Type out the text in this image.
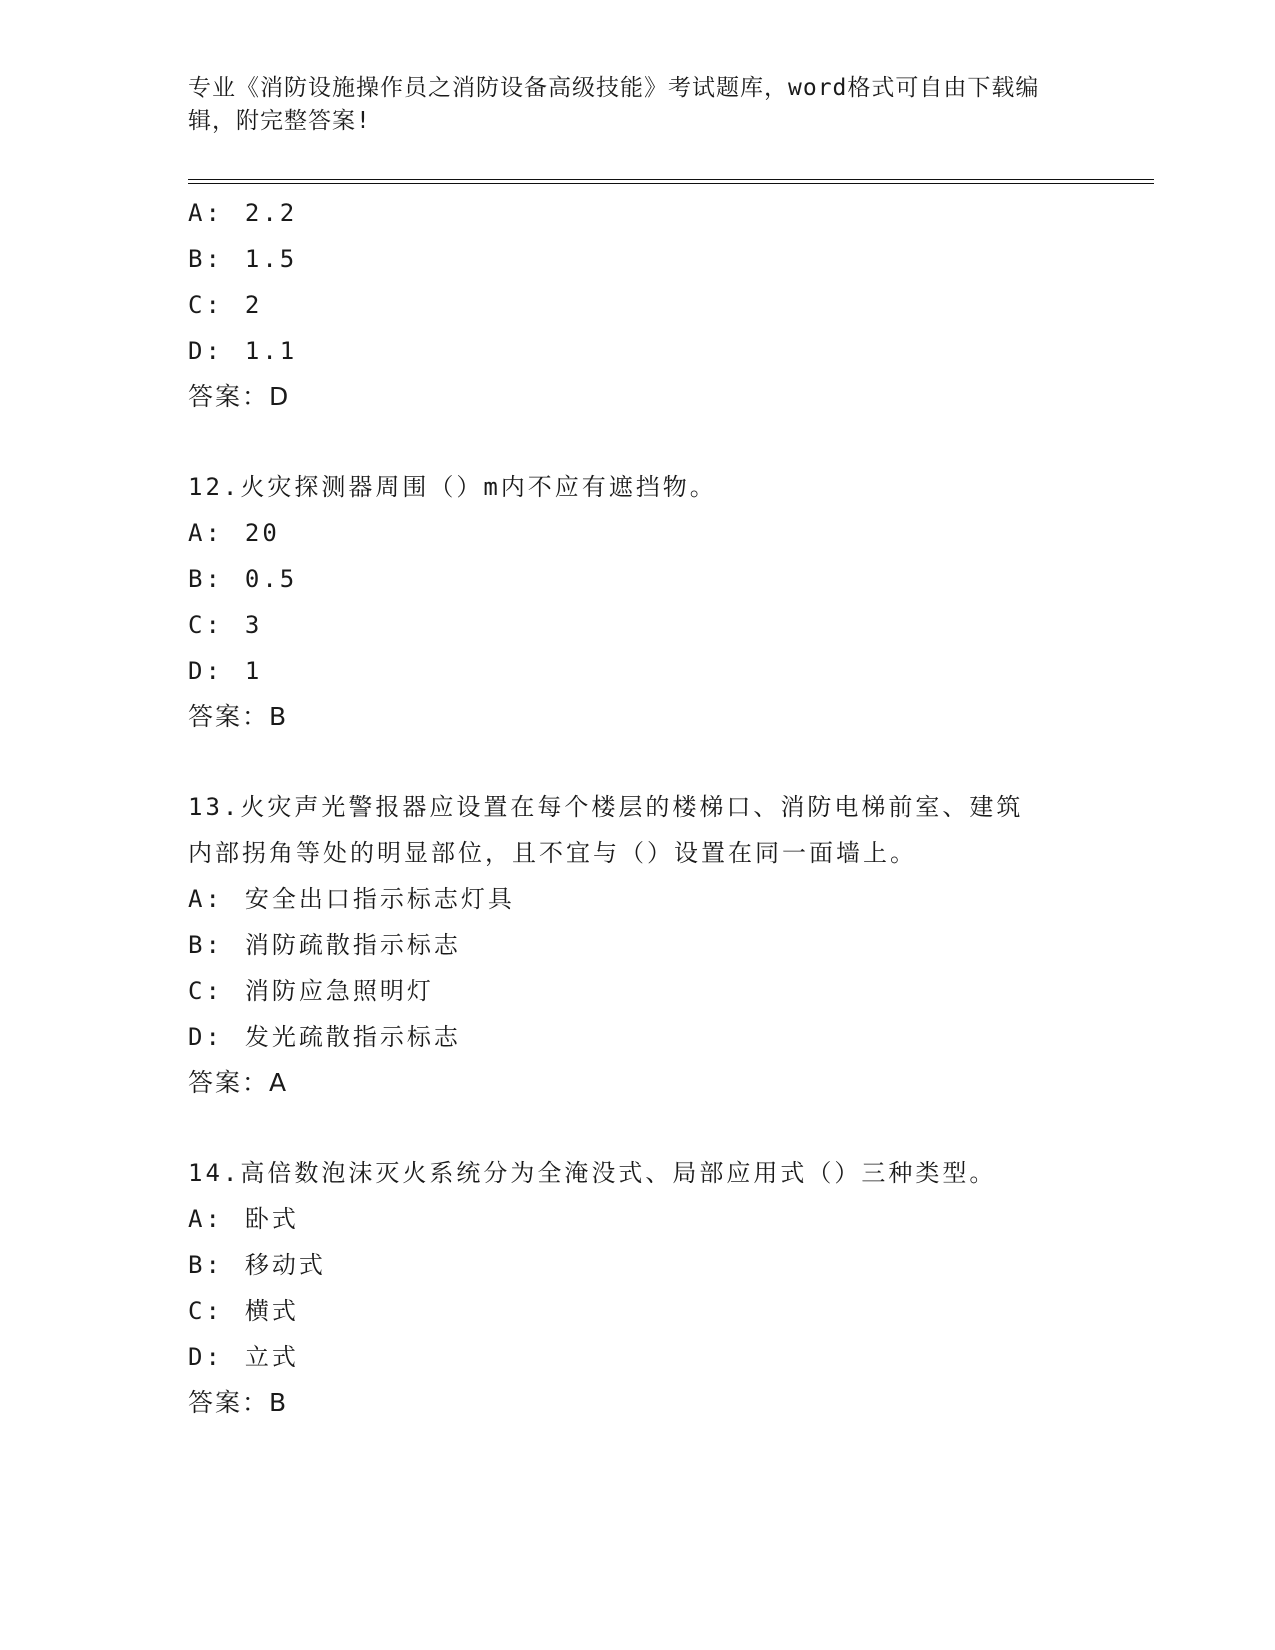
专业《消防设施操作员之消防设备高级技能》考试题库，word格式可自由下载编
辑，附完整答案!
A: 2.2
B: 1.5
C: 2
D: 1.1
答案：D
12.火灾探测器周围（）m内不应有遮挡物。
A: 20
B: 0.5
C: 3
D: 1
答案：B
13.火灾声光警报器应设置在每个楼层的楼梯口、消防电梯前室、建筑
内部拐角等处的明显部位，且不宜与（）设置在同一面墙上。
A: 安全出口指示标志灯具
B: 消防疏散指示标志
C: 消防应急照明灯
D: 发光疏散指示标志
答案：A
14.高倍数泡沫灭火系统分为全淹没式、局部应用式（）三种类型。
A: 卧式
B: 移动式
C: 横式
D: 立式
答案：B
